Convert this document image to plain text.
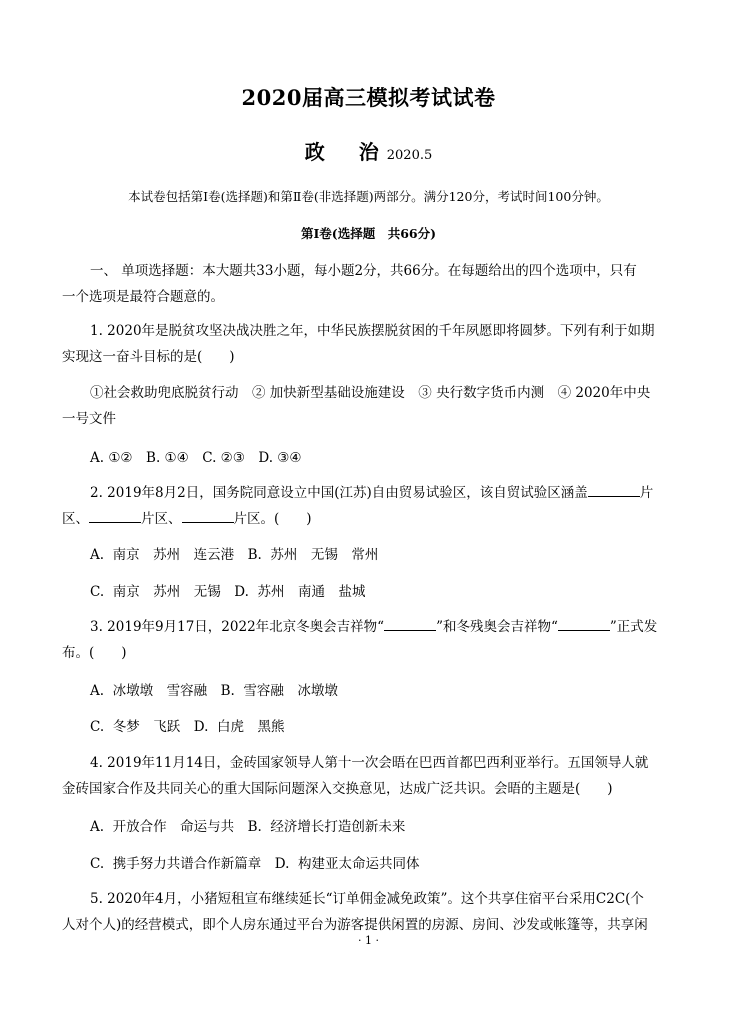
2020届高三模拟考试试卷
政 治 2020.5
本试卷包括第Ⅰ卷(选择题)和第Ⅱ卷(非选择题)两部分。满分120分，考试时间100分钟。
第Ⅰ卷(选择题　共66分)
一、 单项选择题：本大题共33小题，每小题2分，共66分。在每题给出的四个选项中，只有
一个选项是最符合题意的。
1. 2020年是脱贫攻坚决战决胜之年，中华民族摆脱贫困的千年夙愿即将圆梦。下列有利于如期
实现这一奋斗目标的是(　　)
①社会救助兜底脱贫行动　② 加快新型基础设施建设　③ 央行数字货币内测　④ 2020年中央
一号文件
A. ①②　B. ①④　C. ②③　D. ③④
2. 2019年8月2日，国务院同意设立中国(江苏)自由贸易试验区，该自贸试验区涵盖	片
区、	片区、	片区。(　　)
A.  南京　苏州　连云港　B.  苏州　无锡　常州
C.  南京　苏州　无锡　D.  苏州　南通　盐城
3. 2019年9月17日，2022年北京冬奥会吉祥物“	”和冬残奥会吉祥物“	”正式发
布。(　　)
A.  冰墩墩　雪容融　B.  雪容融　冰墩墩
C.  冬梦　飞跃　D.  白虎　黑熊
4. 2019年11月14日，金砖国家领导人第十一次会晤在巴西首都巴西利亚举行。五国领导人就
金砖国家合作及共同关心的重大国际问题深入交换意见，达成广泛共识。会晤的主题是(　　)
A.  开放合作　命运与共　B.  经济增长打造创新未来
C.  携手努力共谱合作新篇章　D.  构建亚太命运共同体
5. 2020年4月，小猪短租宣布继续延长“订单佣金减免政策”。这个共享住宿平台采用C2C(个
人对个人)的经营模式，即个人房东通过平台为游客提供闲置的房源、房间、沙发或帐篷等，共享闲
· 1 ·
